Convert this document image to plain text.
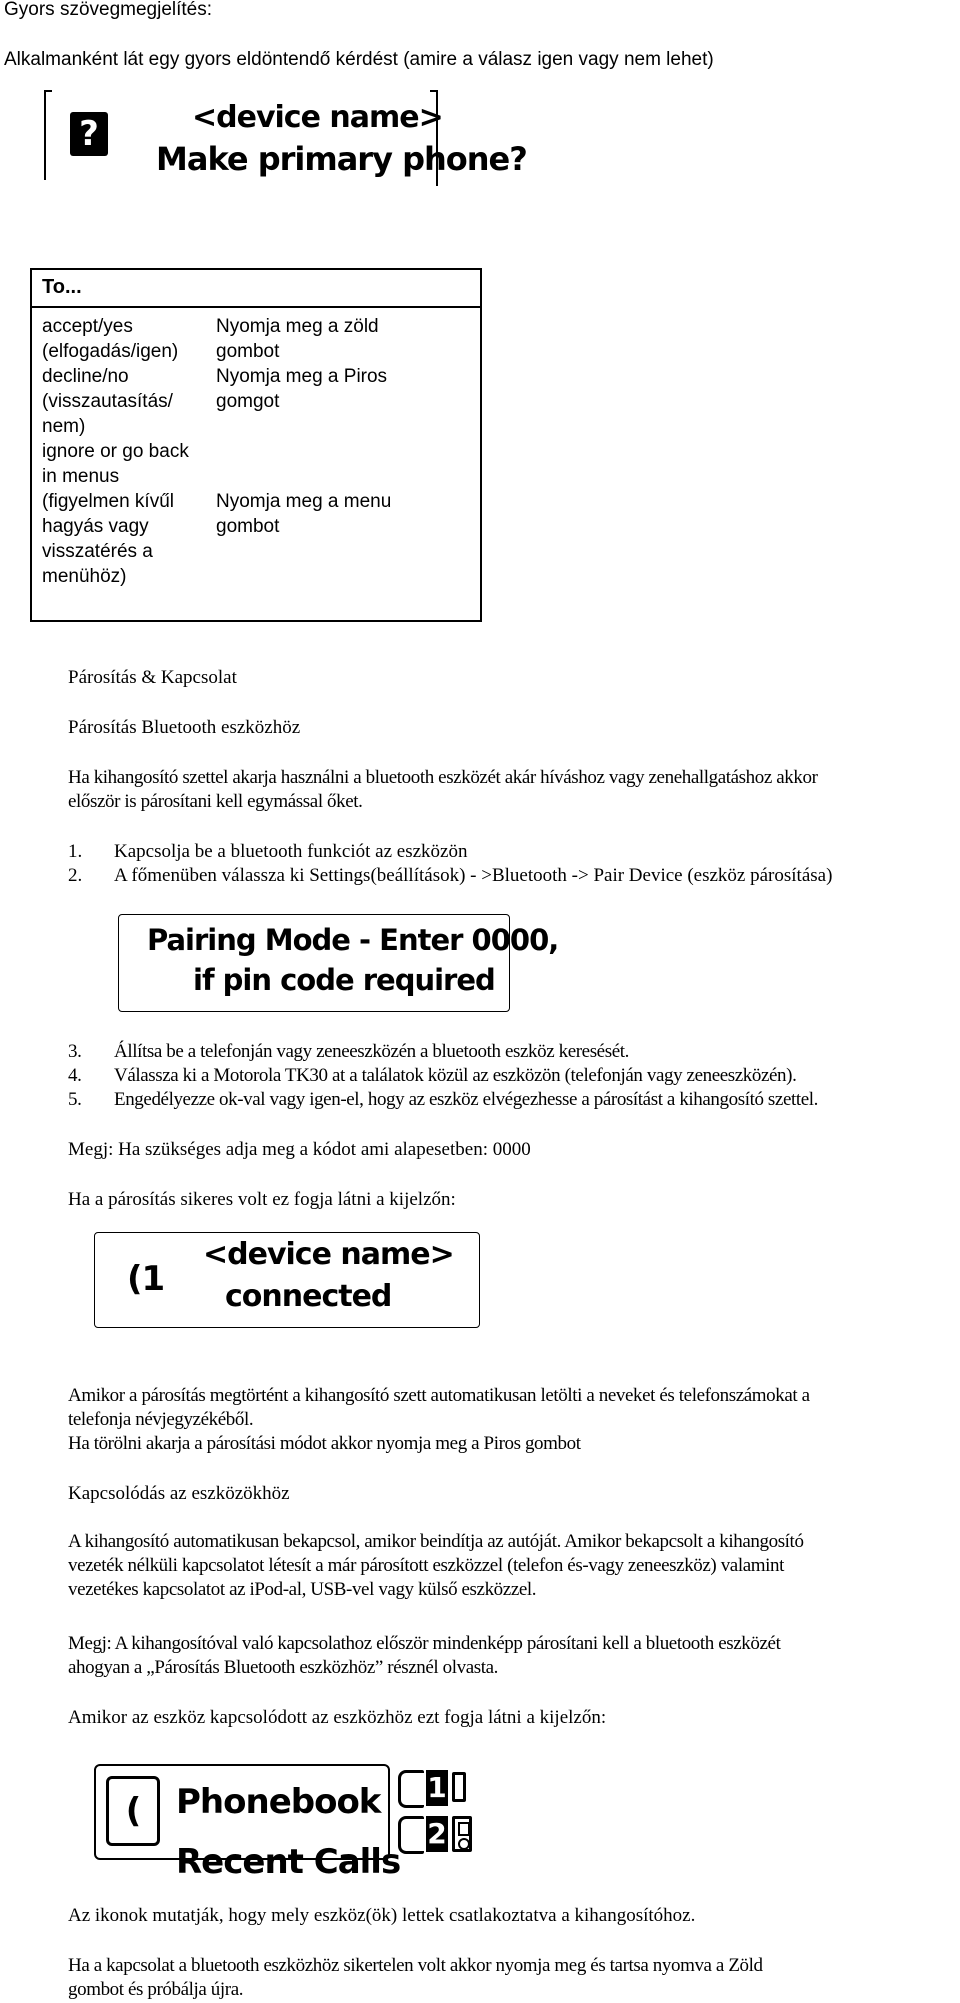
Gyors szövegmegjelítés:
Alkalmanként lát egy gyors eldöntendő kérdést (amire a válasz igen vagy nem lehet)
?	<device name>
Make primary phone?
To...
accept/yes
(elfogadás/igen)
Nyomja meg a zöld
gombot
decline/no
(visszautasítás/
nem)
Nyomja meg a Piros
gomgot
ignore or go back
in menus
(figyelmen kívűl
hagyás vagy
visszatérés a
menühöz)
Nyomja meg a menu
gombot
Párosítás & Kapcsolat
Párosítás Bluetooth eszközhöz
Ha kihangosító szettel akarja használni a bluetooth eszközét akár híváshoz vagy zenehallgatáshoz akkor
először is párosítani kell egymással őket.
1. Kapcsolja be a bluetooth funkciót az eszközön
2. A főmenüben válassza ki Settings(beállítások) - >Bluetooth -> Pair Device (eszköz párosítása)
Pairing Mode - Enter 0000,
if pin code required
3. Állítsa be a telefonján vagy zeneeszközén a bluetooth eszköz keresését.
4. Válassza ki a Motorola TK30 at a találatok közül az eszközön (telefonján vagy zeneeszközén).
5. Engedélyezze ok-val vagy igen-el, hogy az eszköz elvégezhesse a párosítást a kihangosító szettel.
Megj: Ha szükséges adja meg a kódot ami alapesetben: 0000
Ha a párosítás sikeres volt ez fogja látni a kijelzőn:
(1
<device name>
connected
Amikor a párosítás megtörtént a kihangosító szett automatikusan letölti a neveket és telefonszámokat a
telefonja névjegyzékéből.
Ha törölni akarja a párosítási módot akkor nyomja meg a Piros gombot
Kapcsolódás az eszközökhöz
A kihangosító automatikusan bekapcsol, amikor beindítja az autóját. Amikor bekapcsolt a kihangosító
vezeték nélküli kapcsolatot létesít a már párosított eszközzel (telefon és-vagy zeneeszköz) valamint
vezetékes kapcsolatot az iPod-al, USB-vel vagy külső eszközzel.
Megj: A kihangosítóval való kapcsolathoz először mindenképp párosítani kell a bluetooth eszközét
ahogyan a „Párosítás Bluetooth eszközhöz” résznél olvasta.
Amikor az eszköz kapcsolódott az eszközhöz ezt fogja látni a kijelzőn:
(	Phonebook
Recent Calls
1
2
Az ikonok mutatják, hogy mely eszköz(ök) lettek csatlakoztatva a kihangosítóhoz.
Ha a kapcsolat a bluetooth eszközhöz sikertelen volt akkor nyomja meg és tartsa nyomva a Zöld
gombot és próbálja újra.
